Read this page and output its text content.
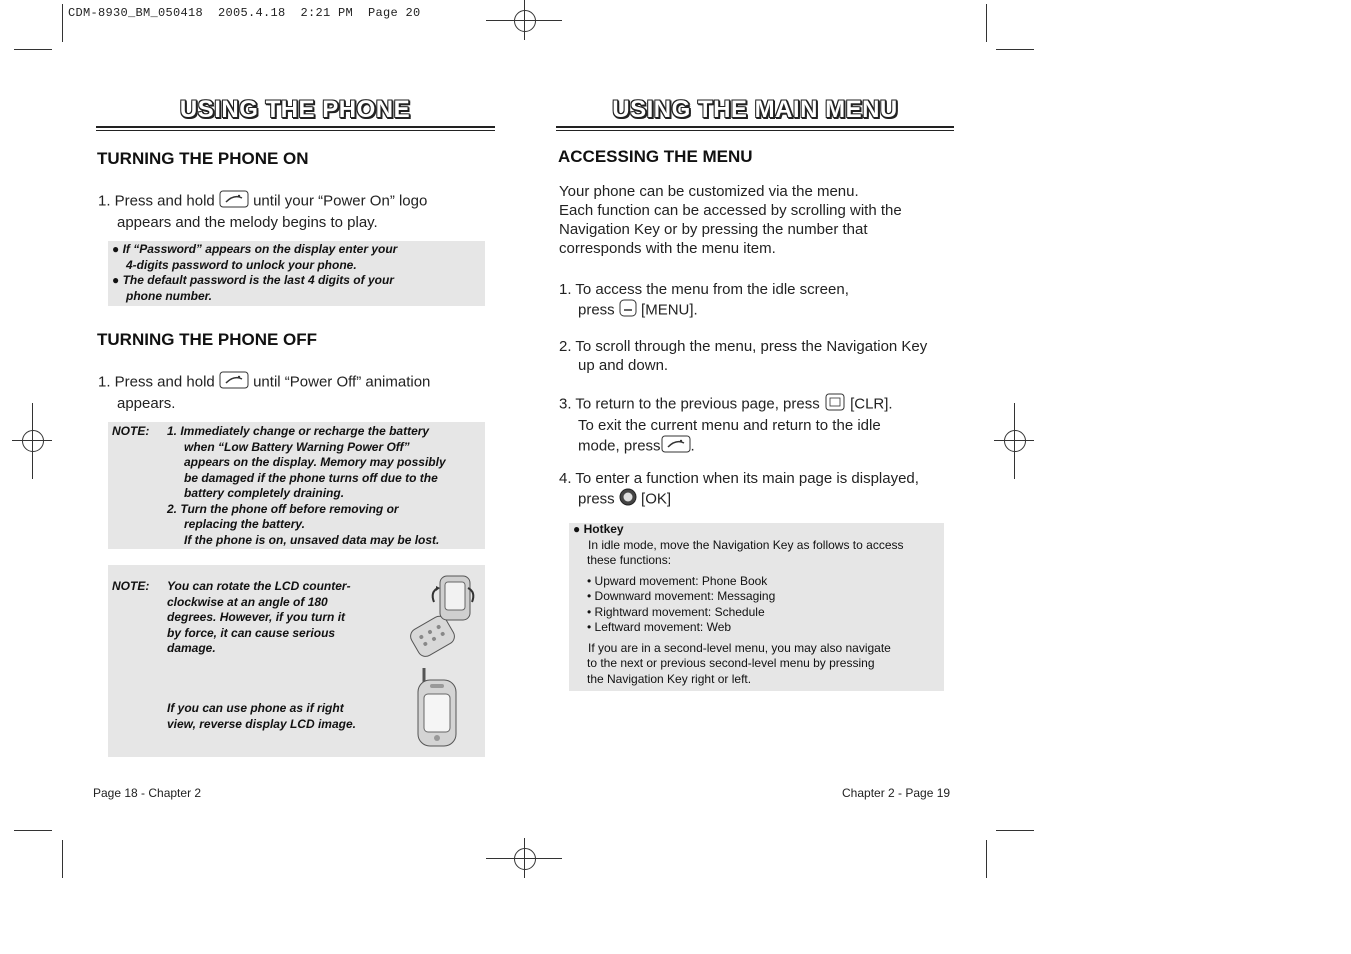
CDM-8930_BM_050418  2005.4.18  2:21 PM  Page 20
USING THE PHONE
TURNING THE PHONE ON
1. Press and hold	until your “Power On” logo
appears and the melody begins to play.
● If “Password” appears on the display enter your
4-digits password to unlock your phone.
● The default password is the last 4 digits of your
phone number.
TURNING THE PHONE OFF
1. Press and hold	until “Power Off” animation
appears.
NOTE: 1. Immediately change or recharge the battery
when “Low Battery Warning Power Off”
appears on the display. Memory may possibly
be damaged if the phone turns off due to the
battery completely draining.
2. Turn the phone off before removing or
replacing the battery.
If the phone is on, unsaved data may be lost.
NOTE: You can rotate the LCD counter-
clockwise at an angle of 180
degrees. However, if you turn it
by force, it can cause serious
damage.
If you can use phone as if right
view, reverse display LCD image.
Page 18 - Chapter 2
USING THE MAIN MENU
ACCESSING THE MENU
Your phone can be customized via the menu.
Each function can be accessed by scrolling with the
Navigation Key or by pressing the number that
corresponds with the menu item.
1. To access the menu from the idle screen,
press [MENU].
2. To scroll through the menu, press the Navigation Key
up and down.
3. To return to the previous page, press [CLR].
To exit the current menu and return to the idle
mode, press .
4. To enter a function when its main page is displayed,
press [OK]
● Hotkey
In idle mode, move the Navigation Key as follows to access
these functions:
• Upward movement: Phone Book
• Downward movement: Messaging
• Rightward movement: Schedule
• Leftward movement: Web
If you are in a second-level menu, you may also navigate
to the next or previous second-level menu by pressing
the Navigation Key right or left.
Chapter 2 - Page 19
